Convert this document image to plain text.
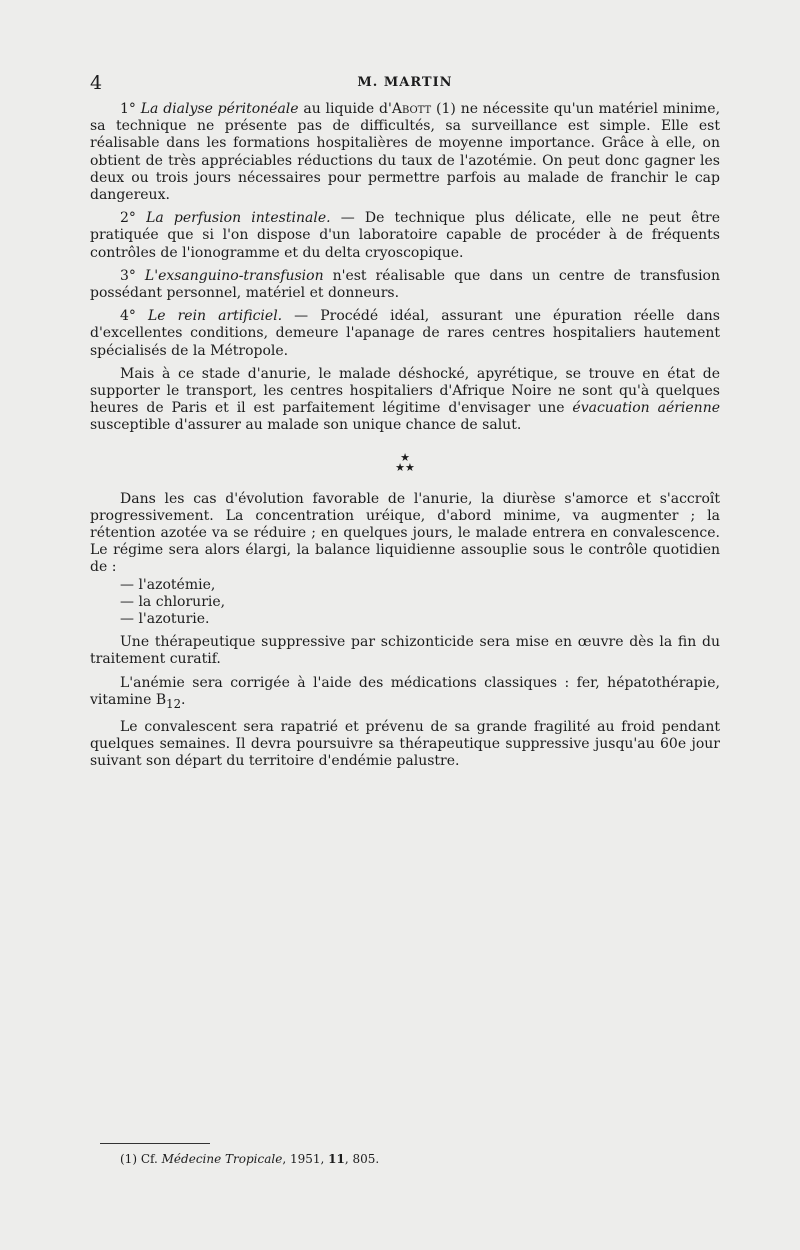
4	M. MARTIN

1° La dialyse péritonéale au liquide d'Abott (1) ne nécessite qu'un matériel minime, sa technique ne présente pas de difficultés, sa surveillance est simple. Elle est réalisable dans les formations hospitalières de moyenne importance. Grâce à elle, on obtient de très appréciables réductions du taux de l'azotémie. On peut donc gagner les deux ou trois jours nécessaires pour permettre parfois au malade de franchir le cap dangereux.

2° La perfusion intestinale. — De technique plus délicate, elle ne peut être pratiquée que si l'on dispose d'un laboratoire capable de procéder à de fréquents contrôles de l'ionogramme et du delta cryoscopique.

3° L'exsanguino-transfusion n'est réalisable que dans un centre de transfusion possédant personnel, matériel et donneurs.

4° Le rein artificiel. — Procédé idéal, assurant une épuration réelle dans d'excellentes conditions, demeure l'apanage de rares centres hospitaliers hautement spécialisés de la Métropole.

Mais à ce stade d'anurie, le malade déshocké, apyrétique, se trouve en état de supporter le transport, les centres hospitaliers d'Afrique Noire ne sont qu'à quelques heures de Paris et il est parfaitement légitime d'envisager une évacuation aérienne susceptible d'assurer au malade son unique chance de salut.

★
★★

Dans les cas d'évolution favorable de l'anurie, la diurèse s'amorce et s'accroît progressivement. La concentration uréique, d'abord minime, va augmenter ; la rétention azotée va se réduire ; en quelques jours, le malade entrera en convalescence. Le régime sera alors élargi, la balance liquidienne assouplie sous le contrôle quotidien de :

— l'azotémie,
— la chlorurie,
— l'azoturie.

Une thérapeutique suppressive par schizonticide sera mise en œuvre dès la fin du traitement curatif.

L'anémie sera corrigée à l'aide des médications classiques : fer, hépatothérapie, vitamine $B_{12}$.

Le convalescent sera rapatrié et prévenu de sa grande fragilité au froid pendant quelques semaines. Il devra poursuivre sa thérapeutique suppressive jusqu'au 60e jour suivant son départ du territoire d'endémie palustre.

(1) Cf. Médecine Tropicale, 1951, 11, 805.
